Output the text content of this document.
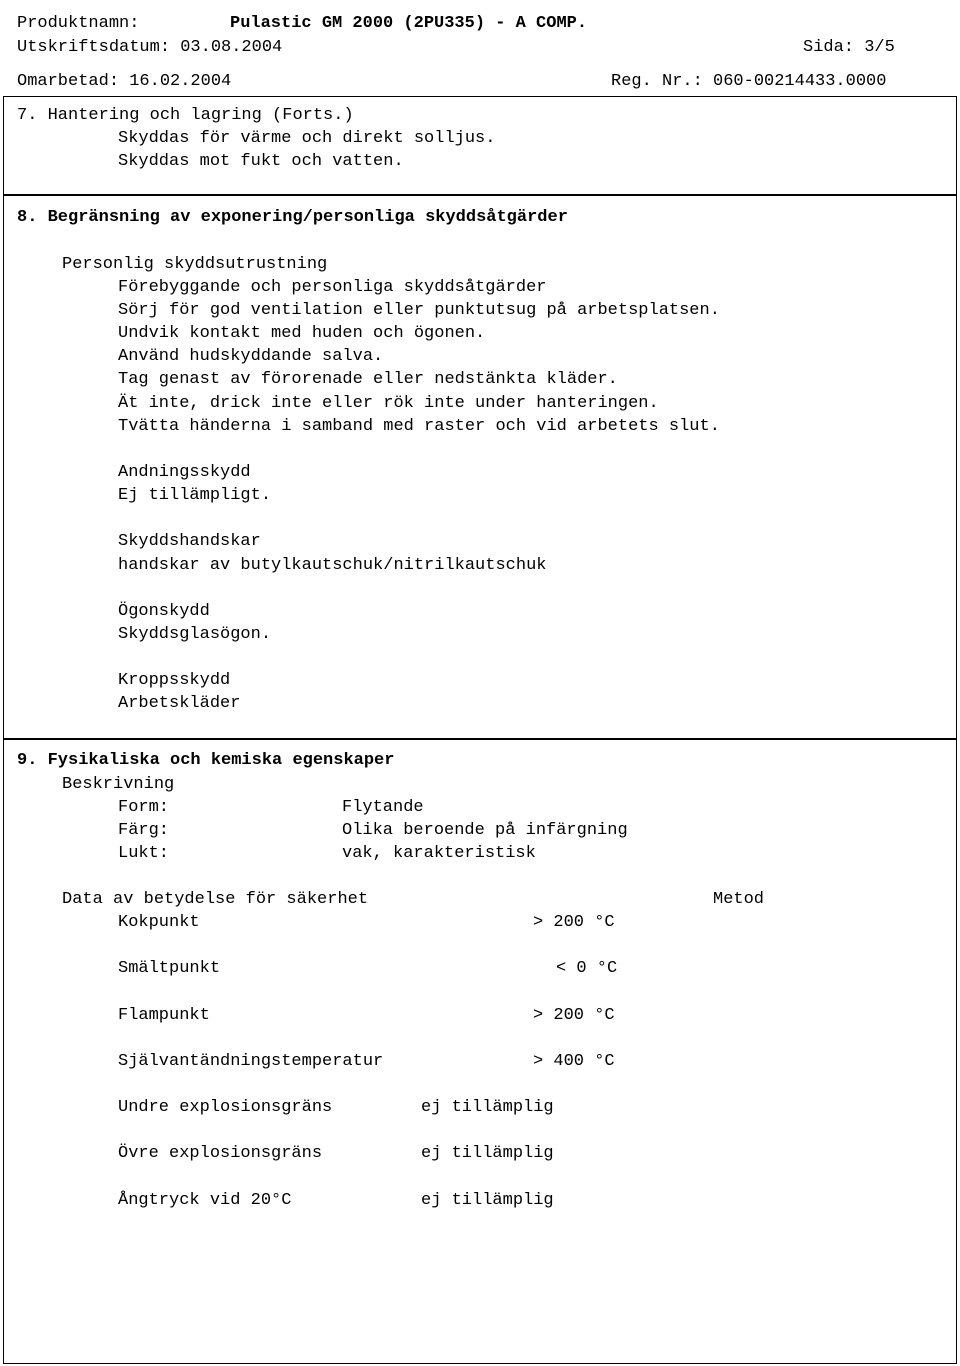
Produktnamn:	Pulastic GM 2000 (2PU335) - A COMP.
Utskriftsdatum: 03.08.2004	Sida: 3/5
Omarbetad: 16.02.2004	Reg. Nr.: 060-00214433.0000
7. Hantering och lagring (Forts.)
Skyddas för värme och direkt solljus.
Skyddas mot fukt och vatten.
8. Begränsning av exponering/personliga skyddsåtgärder
Personlig skyddsutrustning
Förebyggande och personliga skyddsåtgärder
Sörj för god ventilation eller punktutsug på arbetsplatsen.
Undvik kontakt med huden och ögonen.
Använd hudskyddande salva.
Tag genast av förorenade eller nedstänkta kläder.
Ät inte, drick inte eller rök inte under hanteringen.
Tvätta händerna i samband med raster och vid arbetets slut.
Andningsskydd
Ej tillämpligt.
Skyddshandskar
handskar av butylkautschuk/nitrilkautschuk
Ögonskydd
Skyddsglasögon.
Kroppsskydd
Arbetskläder
9. Fysikaliska och kemiska egenskaper
Beskrivning
Form:	Flytande
Färg:	Olika beroende på infärgning
Lukt:	vak, karakteristisk
Data av betydelse för säkerhet	Metod
Kokpunkt	> 200 °C
Smältpunkt	< 0 °C
Flampunkt	> 200 °C
Självantändningstemperatur	> 400 °C
Undre explosionsgräns	ej tillämplig
Övre explosionsgräns	ej tillämplig
Ångtryck vid 20°C	ej tillämplig
